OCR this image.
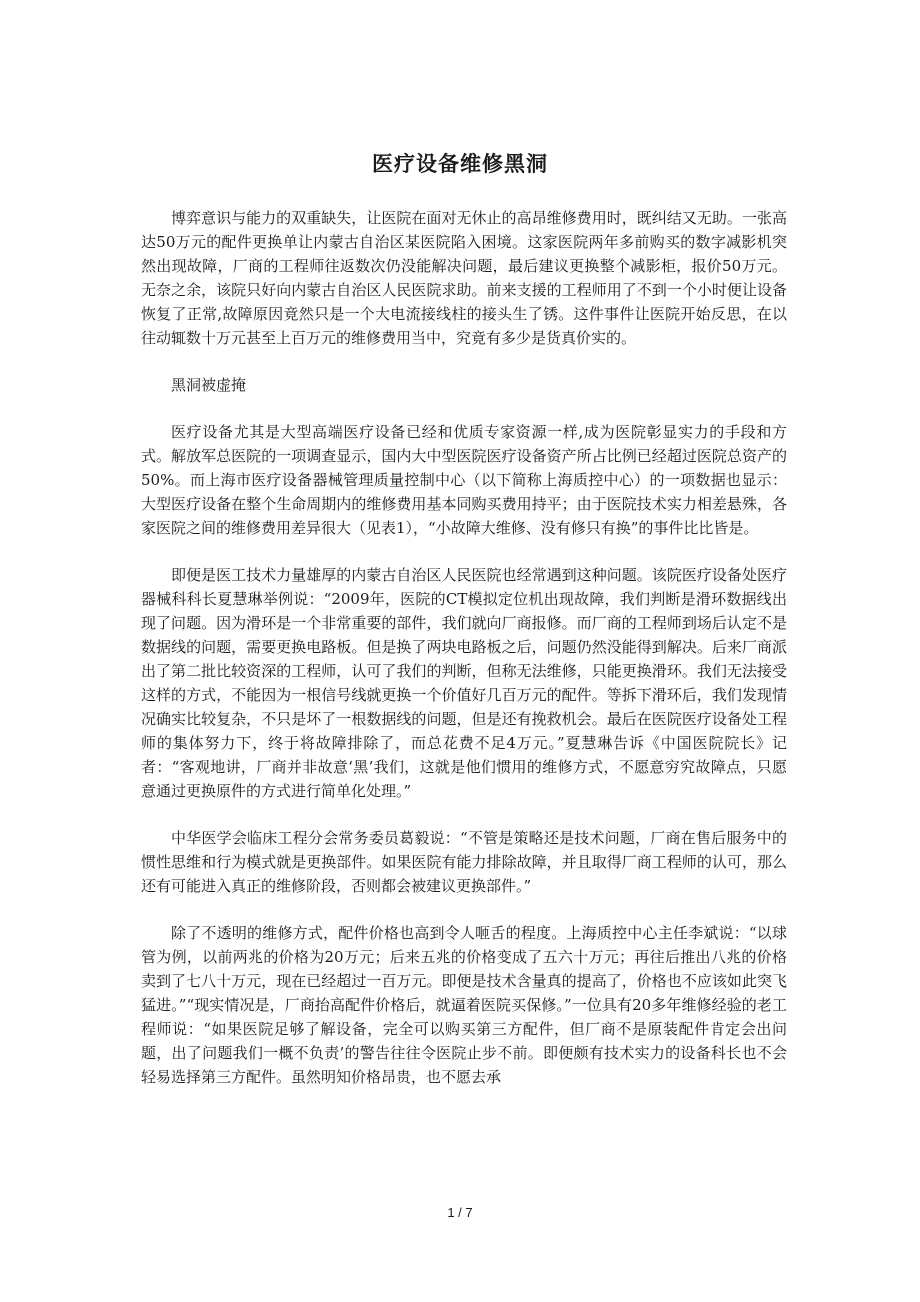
医疗设备维修黑洞

博弈意识与能力的双重缺失，让医院在面对无休止的高昂维修费用时，既纠结又无助。一张高达50万元的配件更换单让内蒙古自治区某医院陷入困境。这家医院两年多前购买的数字减影机突然出现故障，厂商的工程师往返数次仍没能解决问题，最后建议更换整个减影柜，报价50万元。无奈之余，该院只好向内蒙古自治区人民医院求助。前来支援的工程师用了不到一个小时便让设备恢复了正常,故障原因竟然只是一个大电流接线柱的接头生了锈。这件事件让医院开始反思，在以往动辄数十万元甚至上百万元的维修费用当中，究竟有多少是货真价实的。

黑洞被虚掩

医疗设备尤其是大型高端医疗设备已经和优质专家资源一样,成为医院彰显实力的手段和方式。解放军总医院的一项调查显示，国内大中型医院医疗设备资产所占比例已经超过医院总资产的50%。而上海市医疗设备器械管理质量控制中心（以下简称上海质控中心）的一项数据也显示：大型医疗设备在整个生命周期内的维修费用基本同购买费用持平；由于医院技术实力相差悬殊，各家医院之间的维修费用差异很大（见表1），“小故障大维修、没有修只有换”的事件比比皆是。

即便是医工技术力量雄厚的内蒙古自治区人民医院也经常遇到这种问题。该院医疗设备处医疗器械科科长夏慧琳举例说：“2009年，医院的CT模拟定位机出现故障，我们判断是滑环数据线出现了问题。因为滑环是一个非常重要的部件，我们就向厂商报修。而厂商的工程师到场后认定不是数据线的问题，需要更换电路板。但是换了两块电路板之后，问题仍然没能得到解决。后来厂商派出了第二批比较资深的工程师，认可了我们的判断，但称无法维修，只能更换滑环。我们无法接受这样的方式，不能因为一根信号线就更换一个价值好几百万元的配件。等拆下滑环后，我们发现情况确实比较复杂，不只是坏了一根数据线的问题，但是还有挽救机会。最后在医院医疗设备处工程师的集体努力下，终于将故障排除了，而总花费不足4万元。”夏慧琳告诉《中国医院院长》记者：“客观地讲，厂商并非故意‘黑’我们，这就是他们惯用的维修方式，不愿意穷究故障点，只愿意通过更换原件的方式进行简单化处理。”

中华医学会临床工程分会常务委员葛毅说：“不管是策略还是技术问题，厂商在售后服务中的惯性思维和行为模式就是更换部件。如果医院有能力排除故障，并且取得厂商工程师的认可，那么还有可能进入真正的维修阶段，否则都会被建议更换部件。”

除了不透明的维修方式，配件价格也高到令人咂舌的程度。上海质控中心主任李斌说：“以球管为例，以前两兆的价格为20万元；后来五兆的价格变成了五六十万元；再往后推出八兆的价格卖到了七八十万元，现在已经超过一百万元。即便是技术含量真的提高了，价格也不应该如此突飞猛进。”“现实情况是，厂商抬高配件价格后，就逼着医院买保修。”一位具有20多年维修经验的老工程师说：“如果医院足够了解设备，完全可以购买第三方配件，但厂商不是原装配件肯定会出问题，出了问题我们一概不负责’的警告往往令医院止步不前。即便颇有技术实力的设备科长也不会轻易选择第三方配件。虽然明知价格昂贵，也不愿去承

1 / 7
